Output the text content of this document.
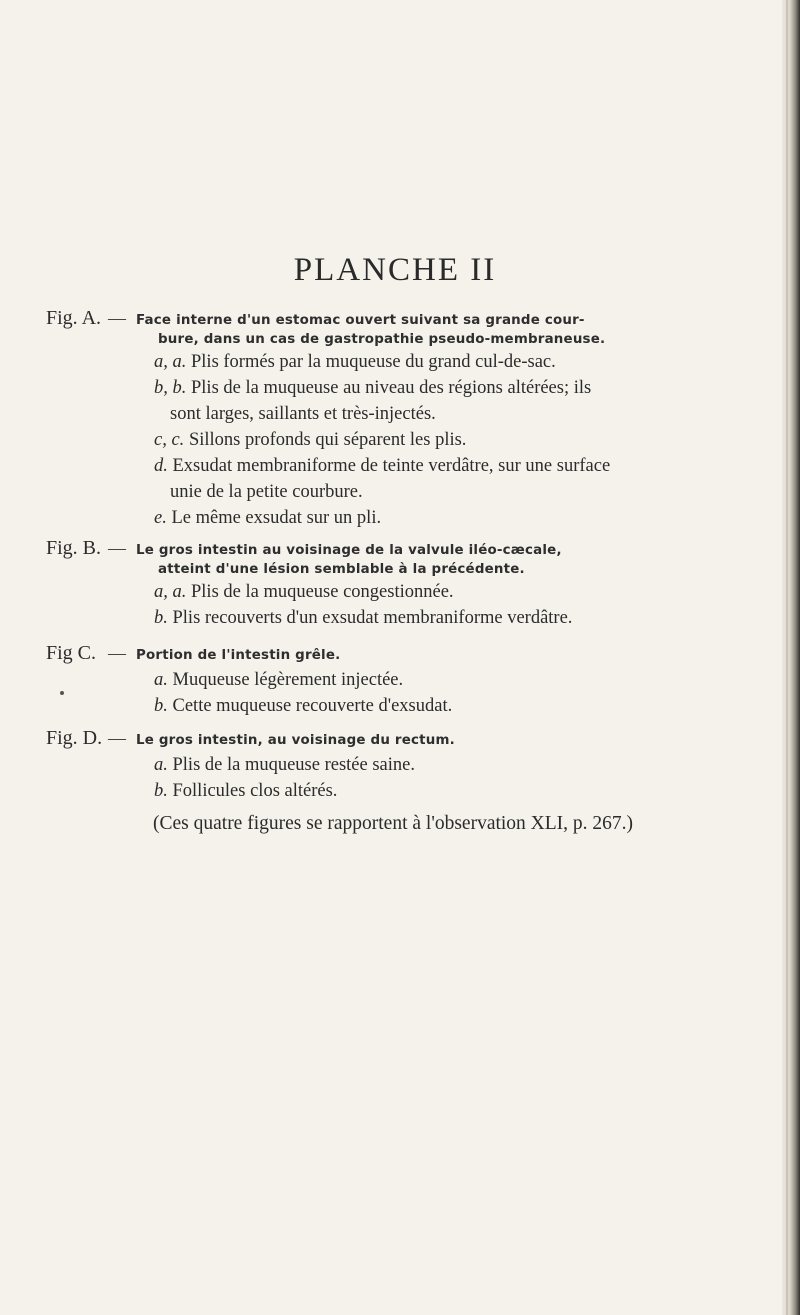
PLANCHE II
Fig. A. — Face interne d'un estomac ouvert suivant sa grande cour-
bure, dans un cas de gastropathie pseudo-membraneuse.
a, a. Plis formés par la muqueuse du grand cul-de-sac.
b, b. Plis de la muqueuse au niveau des régions altérées; ils
sont larges, saillants et très-injectés.
c, c. Sillons profonds qui séparent les plis.
d. Exsudat membraniforme de teinte verdâtre, sur une surface
unie de la petite courbure.
e. Le même exsudat sur un pli.
Fig. B. — Le gros intestin au voisinage de la valvule iléo-cæcale,
atteint d'une lésion semblable à la précédente.
a, a. Plis de la muqueuse congestionnée.
b. Plis recouverts d'un exsudat membraniforme verdâtre.
Fig C. — Portion de l'intestin grêle.
a. Muqueuse légèrement injectée.
b. Cette muqueuse recouverte d'exsudat.
Fig. D. — Le gros intestin, au voisinage du rectum.
a. Plis de la muqueuse restée saine.
b. Follicules clos altérés.
(Ces quatre figures se rapportent à l'observation XLI, p. 267.)
